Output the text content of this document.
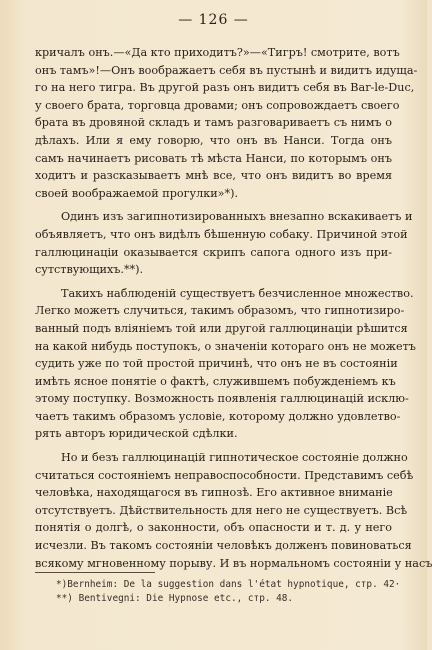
— 126 —
кричалъ онъ.—«Да кто приходитъ?»—«Тигръ! смотрите, вотъ
онъ тамъ»!—Онъ воображаетъ себя въ пустынѣ и видитъ идуща-
го на него тигра. Въ другой разъ онъ видитъ себя въ Bar-le-Duc,
у своего брата, торговца дровами; онъ сопровождаетъ своего
брата въ дровяной складъ и тамъ разговариваетъ съ нимъ о
дѣлахъ. Или я ему говорю, что онъ въ Нанси. Тогда онъ
самъ начинаетъ рисовать тѣ мѣста Нанси, по которымъ онъ
ходитъ и разсказываетъ мнѣ все, что онъ видитъ во время
своей воображаемой прогулки»*).
Одинъ изъ загипнотизированныхъ внезапно вскакиваетъ и
объявляетъ, что онъ видѣлъ бѣшенную собаку. Причиной этой
галлюцинаціи оказывается скрипъ сапога одного изъ при-
сутствующихъ.**).
Такихъ наблюденій существуетъ безчисленное множество.
Легко можетъ случиться, такимъ образомъ, что гипнотизиро-
ванный подъ вліяніемъ той или другой галлюцинаціи рѣшится
на какой нибудь поступокъ, о значеніи котораго онъ не можетъ
судить уже по той простой причинѣ, что онъ не въ состояніи
имѣть ясное понятіе о фактѣ, служившемъ побужденіемъ къ
этому поступку. Возможность появленія галлюцинацій исклю-
чаетъ такимъ образомъ условіе, которому должно удовлетво-
рять авторъ юридической сдѣлки.
Но и безъ галлюцинацій гипнотическое состояніе должно
считаться состояніемъ неправоспособности. Представимъ себѣ
человѣка, находящагося въ гипнозѣ. Его активное вниманіе
отсутствуетъ. Дѣйствительность для него не существуетъ. Всѣ
понятія о долгѣ, о законности, объ опасности и т. д. у него
исчезли. Въ такомъ состояніи человѣкъ долженъ повиноваться
всякому мгновенному порыву. И въ нормальномъ состояніи у насъ
*)Bernheim: De la suggestion dans l'état hypnotique, стр. 42·
**) Bentivegni: Die Hypnose etc., стр. 48.
